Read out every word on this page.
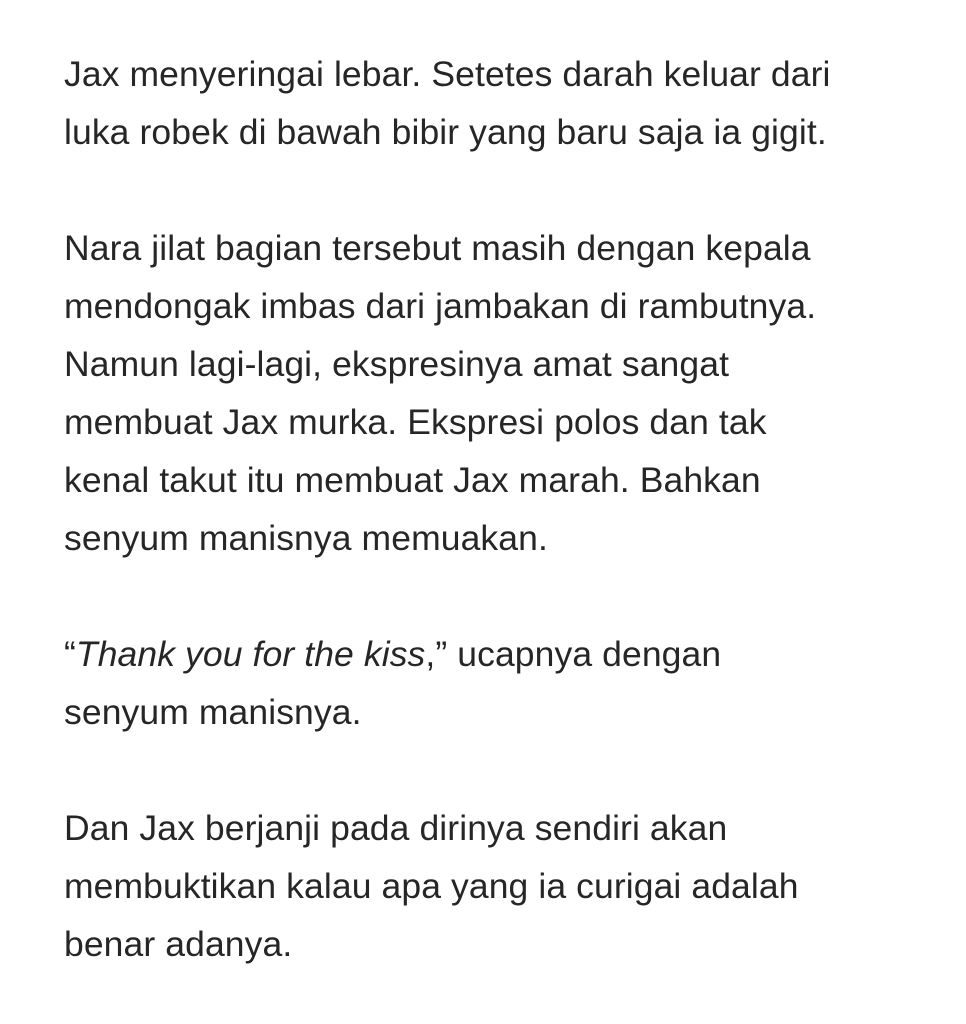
Jax menyeringai lebar. Setetes darah keluar dari
luka robek di bawah bibir yang baru saja ia gigit.

Nara jilat bagian tersebut masih dengan kepala
mendongak imbas dari jambakan di rambutnya.
Namun lagi-lagi, ekspresinya amat sangat
membuat Jax murka. Ekspresi polos dan tak
kenal takut itu membuat Jax marah. Bahkan
senyum manisnya memuakan.

“Thank you for the kiss,” ucapnya dengan
senyum manisnya.

Dan Jax berjanji pada dirinya sendiri akan
membuktikan kalau apa yang ia curigai adalah
benar adanya.
